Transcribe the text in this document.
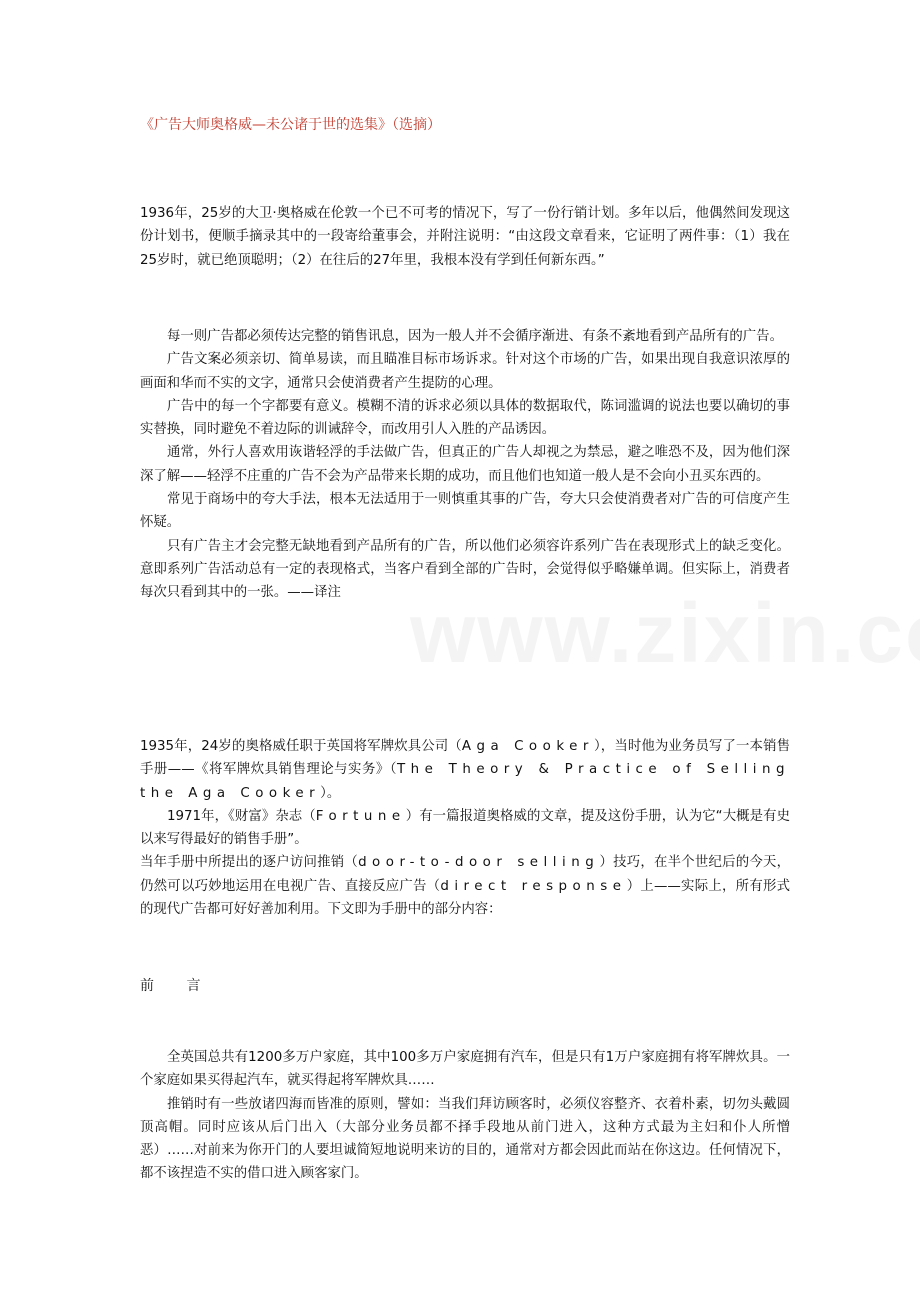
《广告大师奥格威—未公诸于世的选集》（选摘）

1936年，25岁的大卫·奥格威在伦敦一个已不可考的情况下，写了一份行销计划。多年以后，他偶然间发现这份计划书，便顺手摘录其中的一段寄给董事会，并附注说明：“由这段文章看来，它证明了两件事：（1）我在25岁时，就已绝顶聪明；（2）在往后的27年里，我根本没有学到任何新东西。”

每一则广告都必须传达完整的销售讯息，因为一般人并不会循序渐进、有条不紊地看到产品所有的广告。

广告文案必须亲切、简单易读，而且瞄准目标市场诉求。针对这个市场的广告，如果出现自我意识浓厚的画面和华而不实的文字，通常只会使消费者产生提防的心理。

广告中的每一个字都要有意义。模糊不清的诉求必须以具体的数据取代，陈词滥调的说法也要以确切的事实替换，同时避免不着边际的训诫辞令，而改用引人入胜的产品诱因。

通常，外行人喜欢用诙谐轻浮的手法做广告，但真正的广告人却视之为禁忌，避之唯恐不及，因为他们深深了解——轻浮不庄重的广告不会为产品带来长期的成功，而且他们也知道一般人是不会向小丑买东西的。

常见于商场中的夸大手法，根本无法适用于一则慎重其事的广告，夸大只会使消费者对广告的可信度产生怀疑。

只有广告主才会完整无缺地看到产品所有的广告，所以他们必须容许系列广告在表现形式上的缺乏变化。意即系列广告活动总有一定的表现格式，当客户看到全部的广告时，会觉得似乎略嫌单调。但实际上，消费者每次只看到其中的一张。——译注

1935年，24岁的奥格威任职于英国将军牌炊具公司（Aga Cooker），当时他为业务员写了一本销售手册——《将军牌炊具销售理论与实务》（The Theory & Practice of Selling the Aga Cooker）。

1971年，《财富》杂志（Fortune）有一篇报道奥格威的文章，提及这份手册，认为它“大概是有史以来写得最好的销售手册”。

当年手册中所提出的逐户访问推销（door-to-door selling）技巧，在半个世纪后的今天，仍然可以巧妙地运用在电视广告、直接反应广告（direct response）上——实际上，所有形式的现代广告都可好好善加利用。下文即为手册中的部分内容：

前 言

全英国总共有1200多万户家庭，其中100多万户家庭拥有汽车，但是只有1万户家庭拥有将军牌炊具。一个家庭如果买得起汽车，就买得起将军牌炊具……

推销时有一些放诸四海而皆准的原则，譬如：当我们拜访顾客时，必须仪容整齐、衣着朴素，切勿头戴圆顶高帽。同时应该从后门出入（大部分业务员都不择手段地从前门进入，这种方式最为主妇和仆人所憎恶）……对前来为你开门的人要坦诚简短地说明来访的目的，通常对方都会因此而站在你这边。任何情况下，都不该捏造不实的借口进入顾客家门。
